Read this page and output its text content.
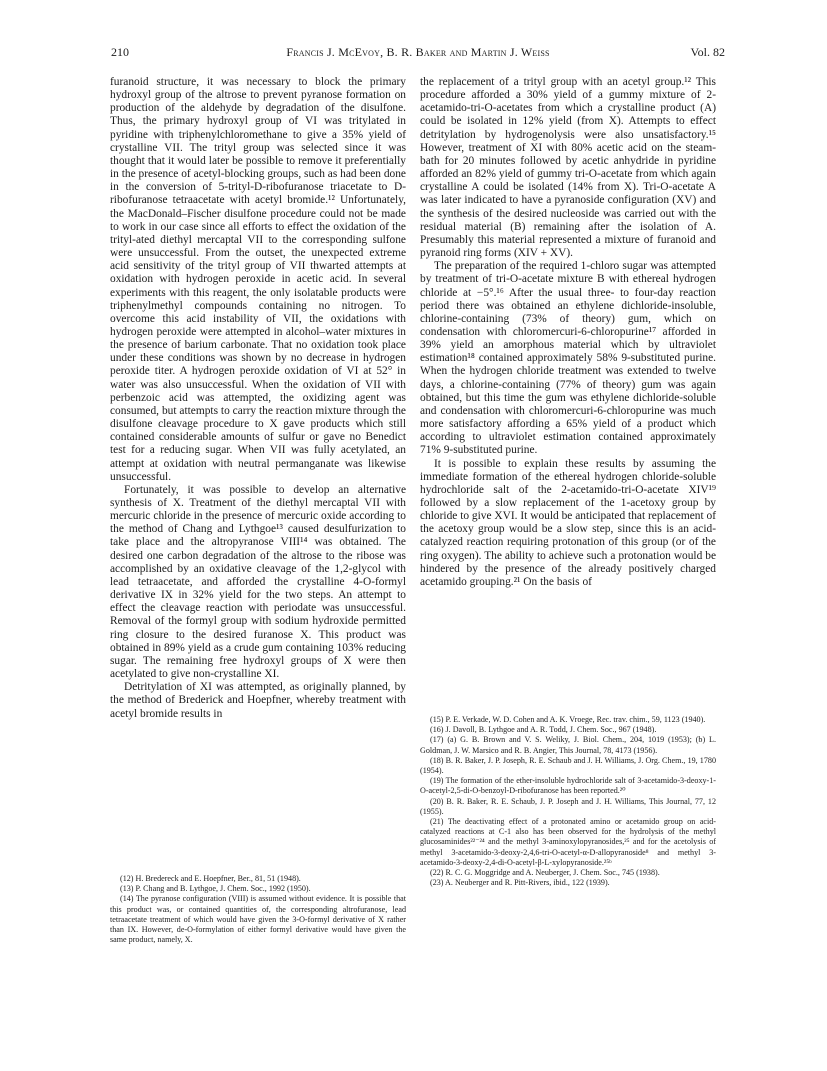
210	Francis J. McEvoy, B. R. Baker and Martin J. Weiss	Vol. 82

furanoid structure, it was necessary to block the primary hydroxyl group of the altrose to prevent pyranose formation on production of the aldehyde by degradation of the disulfone. Thus, the primary hydroxyl group of VI was tritylated in pyridine with triphenylchloromethane to give a 35% yield of crystalline VII. The trityl group was selected since it was thought that it would later be possible to remove it preferentially in the presence of acetyl-blocking groups, such as had been done in the conversion of 5-trityl-D-ribofuranose triacetate to D-ribofuranose tetraacetate with acetyl bromide.¹² Unfortunately, the MacDonald–Fischer disulfone procedure could not be made to work in our case since all efforts to effect the oxidation of the trityl-ated diethyl mercaptal VII to the corresponding sulfone were unsuccessful. From the outset, the unexpected extreme acid sensitivity of the trityl group of VII thwarted attempts at oxidation with hydrogen peroxide in acetic acid. In several experiments with this reagent, the only isolatable products were triphenylmethyl compounds containing no nitrogen. To overcome this acid instability of VII, the oxidations with hydrogen peroxide were attempted in alcohol–water mixtures in the presence of barium carbonate. That no oxidation took place under these conditions was shown by no decrease in hydrogen peroxide titer. A hydrogen peroxide oxidation of VI at 52° in water was also unsuccessful. When the oxidation of VII with perbenzoic acid was attempted, the oxidizing agent was consumed, but attempts to carry the reaction mixture through the disulfone cleavage procedure to X gave products which still contained considerable amounts of sulfur or gave no Benedict test for a reducing sugar. When VII was fully acetylated, an attempt at oxidation with neutral permanganate was likewise unsuccessful.

Fortunately, it was possible to develop an alternative synthesis of X. Treatment of the diethyl mercaptal VII with mercuric chloride in the presence of mercuric oxide according to the method of Chang and Lythgoe¹³ caused desulfurization to take place and the altropyranose VIII¹⁴ was obtained. The desired one carbon degradation of the altrose to the ribose was accomplished by an oxidative cleavage of the 1,2-glycol with lead tetraacetate, and afforded the crystalline 4-O-formyl derivative IX in 32% yield for the two steps. An attempt to effect the cleavage reaction with periodate was unsuccessful. Removal of the formyl group with sodium hydroxide permitted ring closure to the desired furanose X. This product was obtained in 89% yield as a crude gum containing 103% reducing sugar. The remaining free hydroxyl groups of X were then acetylated to give non-crystalline XI.

Detritylation of XI was attempted, as originally planned, by the method of Brederick and Hoepfner, whereby treatment with acetyl bromide results in

the replacement of a trityl group with an acetyl group.¹² This procedure afforded a 30% yield of a gummy mixture of 2-acetamido-tri-O-acetates from which a crystalline product (A) could be isolated in 12% yield (from X). Attempts to effect detritylation by hydrogenolysis were also unsatisfactory.¹⁵ However, treatment of XI with 80% acetic acid on the steam-bath for 20 minutes followed by acetic anhydride in pyridine afforded an 82% yield of gummy tri-O-acetate from which again crystalline A could be isolated (14% from X). Tri-O-acetate A was later indicated to have a pyranoside configuration (XV) and the synthesis of the desired nucleoside was carried out with the residual material (B) remaining after the isolation of A. Presumably this material represented a mixture of furanoid and pyranoid ring forms (XIV + XV).

The preparation of the required 1-chloro sugar was attempted by treatment of tri-O-acetate mixture B with ethereal hydrogen chloride at −5°.¹⁶ After the usual three- to four-day reaction period there was obtained an ethylene dichloride-insoluble, chlorine-containing (73% of theory) gum, which on condensation with chloromercuri-6-chloropurine¹⁷ afforded in 39% yield an amorphous material which by ultraviolet estimation¹⁸ contained approximately 58% 9-substituted purine. When the hydrogen chloride treatment was extended to twelve days, a chlorine-containing (77% of theory) gum was again obtained, but this time the gum was ethylene dichloride-soluble and condensation with chloromercuri-6-chloropurine was much more satisfactory affording a 65% yield of a product which according to ultraviolet estimation contained approximately 71% 9-substituted purine.

It is possible to explain these results by assuming the immediate formation of the ethereal hydrogen chloride-soluble hydrochloride salt of the 2-acetamido-tri-O-acetate XIV¹⁹ followed by a slow replacement of the 1-acetoxy group by chloride to give XVI. It would be anticipated that replacement of the acetoxy group would be a slow step, since this is an acid-catalyzed reaction requiring protonation of this group (or of the ring oxygen). The ability to achieve such a protonation would be hindered by the presence of the already positively charged acetamido grouping.²¹ On the basis of

(12) H. Bredereck and E. Hoepfner, Ber., 81, 51 (1948).

(13) P. Chang and B. Lythgoe, J. Chem. Soc., 1992 (1950).

(14) The pyranose configuration (VIII) is assumed without evidence. It is possible that this product was, or contained quantities of, the corresponding altrofuranose, lead tetraacetate treatment of which would have given the 3-O-formyl derivative of X rather than IX. However, de-O-formylation of either formyl derivative would have given the same product, namely, X.

(15) P. E. Verkade, W. D. Cohen and A. K. Vroege, Rec. trav. chim., 59, 1123 (1940).

(16) J. Davoll, B. Lythgoe and A. R. Todd, J. Chem. Soc., 967 (1948).

(17) (a) G. B. Brown and V. S. Weliky, J. Biol. Chem., 204, 1019 (1953); (b) L. Goldman, J. W. Marsico and R. B. Angier, This Journal, 78, 4173 (1956).

(18) B. R. Baker, J. P. Joseph, R. E. Schaub and J. H. Williams, J. Org. Chem., 19, 1780 (1954).

(19) The formation of the ether-insoluble hydrochloride salt of 3-acetamido-3-deoxy-1-O-acetyl-2,5-di-O-benzoyl-D-ribofuranose has been reported.²⁰

(20) B. R. Baker, R. E. Schaub, J. P. Joseph and J. H. Williams, This Journal, 77, 12 (1955).

(21) The deactivating effect of a protonated amino or acetamido group on acid-catalyzed reactions at C-1 also has been observed for the hydrolysis of the methyl glucosaminides²²⁻²⁴ and the methyl 3-aminoxylopyranosides,²⁵ and for the acetolysis of methyl 3-acetamido-3-deoxy-2,4,6-tri-O-acetyl-α-D-allopyranoside⁸ and methyl 3-acetamido-3-deoxy-2,4-di-O-acetyl-β-L-xylopyranoside.²⁵ᵇ

(22) R. C. G. Moggridge and A. Neuberger, J. Chem. Soc., 745 (1938).

(23) A. Neuberger and R. Pitt-Rivers, ibid., 122 (1939).
